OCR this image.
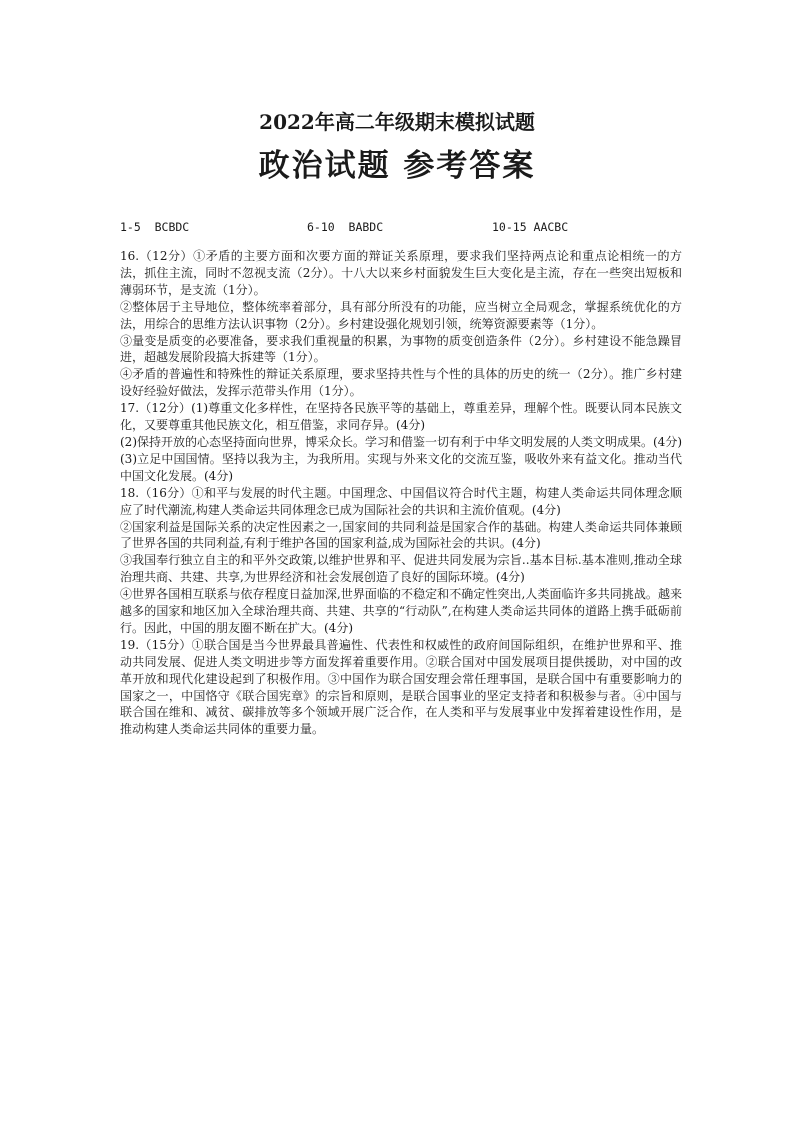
2022年高二年级期末模拟试题
政治试题 参考答案
1-5  BCBDC	6-10  BABDC	10-15 AACBC

16.（12分）①矛盾的主要方面和次要方面的辩证关系原理，要求我们坚持两点论和重点论相统一的方法，抓住主流，同时不忽视支流（2分）。十八大以来乡村面貌发生巨大变化是主流，存在一些突出短板和薄弱环节，是支流（1分）。

②整体居于主导地位，整体统率着部分，具有部分所没有的功能，应当树立全局观念，掌握系统优化的方法，用综合的思维方法认识事物（2分）。乡村建设强化规划引领，统筹资源要素等（1分）。

③量变是质变的必要准备，要求我们重视量的积累，为事物的质变创造条件（2分）。乡村建设不能急躁冒进，超越发展阶段搞大拆建等（1分）。

④矛盾的普遍性和特殊性的辩证关系原理，要求坚持共性与个性的具体的历史的统一（2分）。推广乡村建设好经验好做法，发挥示范带头作用（1分）。

17.（12分）(1)尊重文化多样性，在坚持各民族平等的基础上，尊重差异，理解个性。既要认同本民族文化，又要尊重其他民族文化，相互借鉴，求同存异。(4分)

(2)保持开放的心态坚持面向世界，博采众长。学习和借鉴一切有利于中华文明发展的人类文明成果。(4分)

(3)立足中国国情。坚持以我为主，为我所用。实现与外来文化的交流互鉴，吸收外来有益文化。推动当代中国文化发展。(4分)

18.（16分）①和平与发展的时代主题。中国理念、中国倡议符合时代主题，构建人类命运共同体理念顺应了时代潮流,构建人类命运共同体理念已成为国际社会的共识和主流价值观。(4分)

②国家利益是国际关系的决定性因素之一,国家间的共同利益是国家合作的基础。构建人类命运共同体兼顾了世界各国的共同利益,有利于维护各国的国家利益,成为国际社会的共识。(4分)

③我国奉行独立自主的和平外交政策,以维护世界和平、促进共同发展为宗旨..基本目标.基本准则,推动全球治理共商、共建、共享,为世界经济和社会发展创造了良好的国际环境。(4分)

④世界各国相互联系与依存程度日益加深,世界面临的不稳定和不确定性突出,人类面临许多共同挑战。越来越多的国家和地区加入全球治理共商、共建、共享的“行动队”,在构建人类命运共同体的道路上携手砥砺前行。因此，中国的朋友圈不断在扩大。(4分)

19.（15分）①联合国是当今世界最具普遍性、代表性和权威性的政府间国际组织，在维护世界和平、推动共同发展、促进人类文明进步等方面发挥着重要作用。②联合国对中国发展项目提供援助，对中国的改革开放和现代化建设起到了积极作用。③中国作为联合国安理会常任理事国，是联合国中有重要影响力的国家之一，中国恪守《联合国宪章》的宗旨和原则，是联合国事业的坚定支持者和积极参与者。④中国与联合国在维和、减贫、碳排放等多个领域开展广泛合作，在人类和平与发展事业中发挥着建设性作用，是推动构建人类命运共同体的重要力量。
